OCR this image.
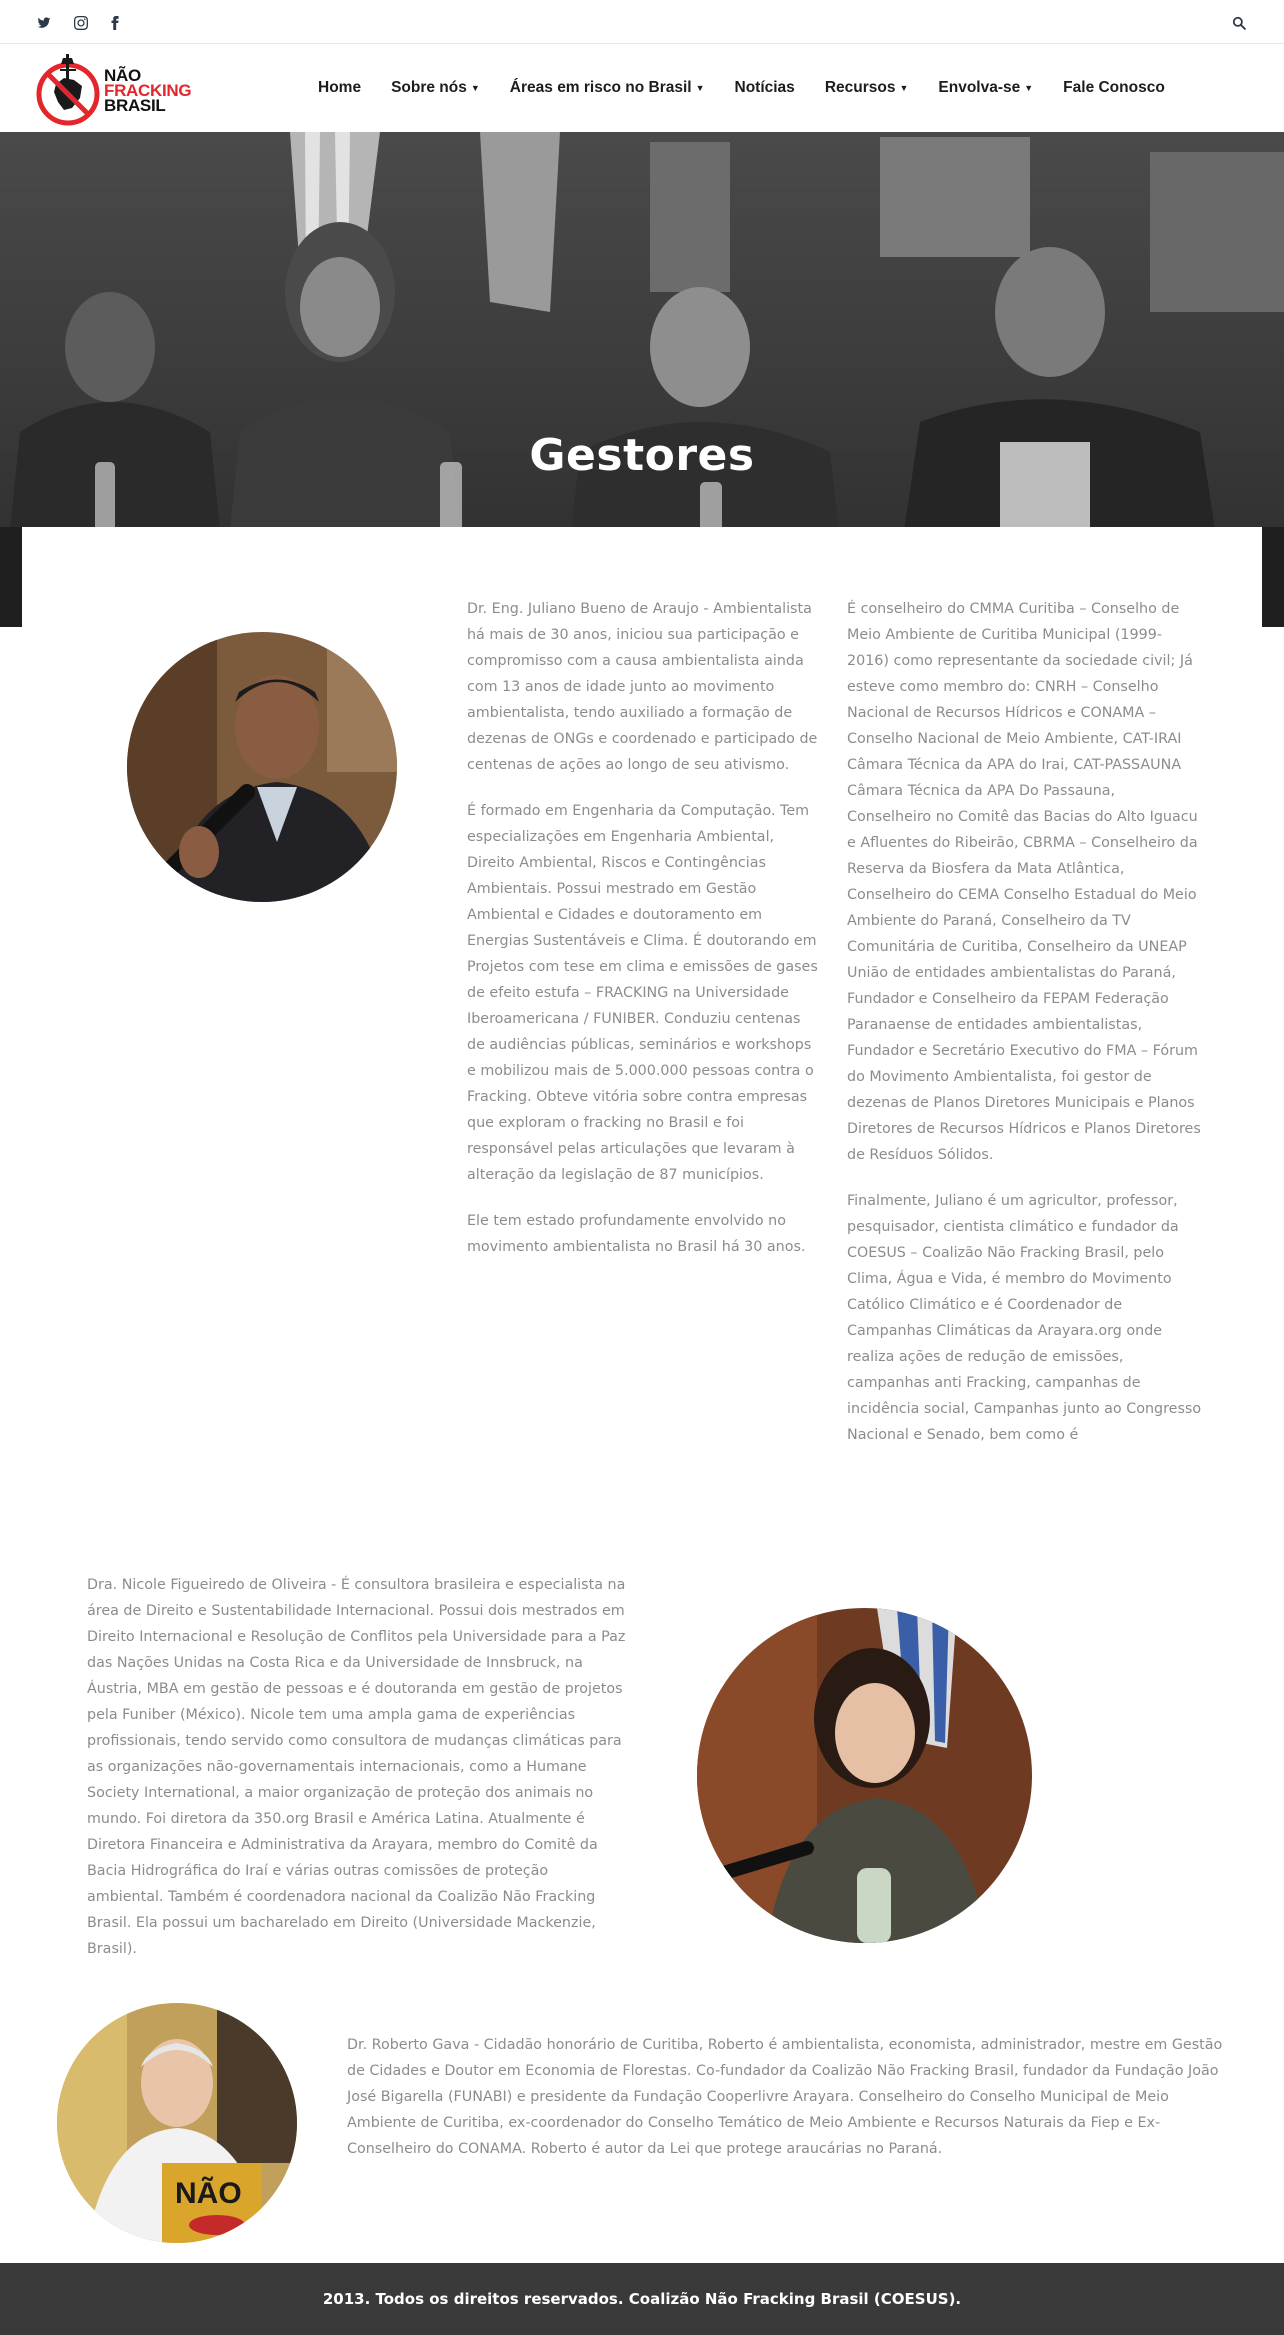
NÃO
FRACKING
BRASIL
Home Sobre nós ▼ Áreas em risco no Brasil ▼ Notícias Recursos ▼ Envolva-se ▼ Fale Conosco
Gestores

Dr. Eng. Juliano Bueno de Araujo - Ambientalista há mais de 30 anos, iniciou sua participação e compromisso com a causa ambientalista ainda com 13 anos de idade junto ao movimento ambientalista, tendo auxiliado a formação de dezenas de ONGs e coordenado e participado de centenas de ações ao longo de seu ativismo.

É formado em Engenharia da Computação. Tem especializações em Engenharia Ambiental, Direito Ambiental, Riscos e Contingências Ambientais. Possui mestrado em Gestão Ambiental e Cidades e doutoramento em Energias Sustentáveis e Clima. É doutorando em Projetos com tese em clima e emissões de gases de efeito estufa – FRACKING na Universidade Iberoamericana / FUNIBER. Conduziu centenas de audiências públicas, seminários e workshops e mobilizou mais de 5.000.000 pessoas contra o Fracking. Obteve vitória sobre contra empresas que exploram o fracking no Brasil e foi responsável pelas articulações que levaram à alteração da legislação de 87 municípios.

Ele tem estado profundamente envolvido no movimento ambientalista no Brasil há 30 anos.

É conselheiro do CMMA Curitiba – Conselho de Meio Ambiente de Curitiba Municipal (1999-2016) como representante da sociedade civil; Já esteve como membro do: CNRH – Conselho Nacional de Recursos Hídricos e CONAMA – Conselho Nacional de Meio Ambiente, CAT-IRAI Câmara Técnica da APA do Irai, CAT-PASSAUNA Câmara Técnica da APA Do Passauna, Conselheiro no Comitê das Bacias do Alto Iguacu e Afluentes do Ribeirão, CBRMA – Conselheiro da Reserva da Biosfera da Mata Atlântica, Conselheiro do CEMA Conselho Estadual do Meio Ambiente do Paraná, Conselheiro da TV Comunitária de Curitiba, Conselheiro da UNEAP União de entidades ambientalistas do Paraná, Fundador e Conselheiro da FEPAM Federação Paranaense de entidades ambientalistas, Fundador e Secretário Executivo do FMA – Fórum do Movimento Ambientalista, foi gestor de dezenas de Planos Diretores Municipais e Planos Diretores de Recursos Hídricos e Planos Diretores de Resíduos Sólidos.

Finalmente, Juliano é um agricultor, professor, pesquisador, cientista climático e fundador da COESUS – Coalizão Não Fracking Brasil, pelo Clima, Água e Vida, é membro do Movimento Católico Climático e é Coordenador de Campanhas Climáticas da Arayara.org onde realiza ações de redução de emissões, campanhas anti Fracking, campanhas de incidência social, Campanhas junto ao Congresso Nacional e Senado, bem como é

Dra. Nicole Figueiredo de Oliveira - É consultora brasileira e especialista na área de Direito e Sustentabilidade Internacional. Possui dois mestrados em Direito Internacional e Resolução de Conflitos pela Universidade para a Paz das Nações Unidas na Costa Rica e da Universidade de Innsbruck, na Áustria, MBA em gestão de pessoas e é doutoranda em gestão de projetos pela Funiber (México). Nicole tem uma ampla gama de experiências profissionais, tendo servido como consultora de mudanças climáticas para as organizações não-governamentais internacionais, como a Humane Society International, a maior organização de proteção dos animais no mundo. Foi diretora da 350.org Brasil e América Latina. Atualmente é Diretora Financeira e Administrativa da Arayara, membro do Comitê da Bacia Hidrográfica do Iraí e várias outras comissões de proteção ambiental. Também é coordenadora nacional da Coalizão Não Fracking Brasil. Ela possui um bacharelado em Direito (Universidade Mackenzie, Brasil).

NÃO

Dr. Roberto Gava - Cidadão honorário de Curitiba, Roberto é ambientalista, economista, administrador, mestre em Gestão de Cidades e Doutor em Economia de Florestas. Co-fundador da Coalizão Não Fracking Brasil, fundador da Fundação João José Bigarella (FUNABI) e presidente da Fundação Cooperlivre Arayara. Conselheiro do Conselho Municipal de Meio Ambiente de Curitiba, ex-coordenador do Conselho Temático de Meio Ambiente e Recursos Naturais da Fiep e Ex-Conselheiro do CONAMA. Roberto é autor da Lei que protege araucárias no Paraná.

2013. Todos os direitos reservados. Coalizão Não Fracking Brasil (COESUS).
